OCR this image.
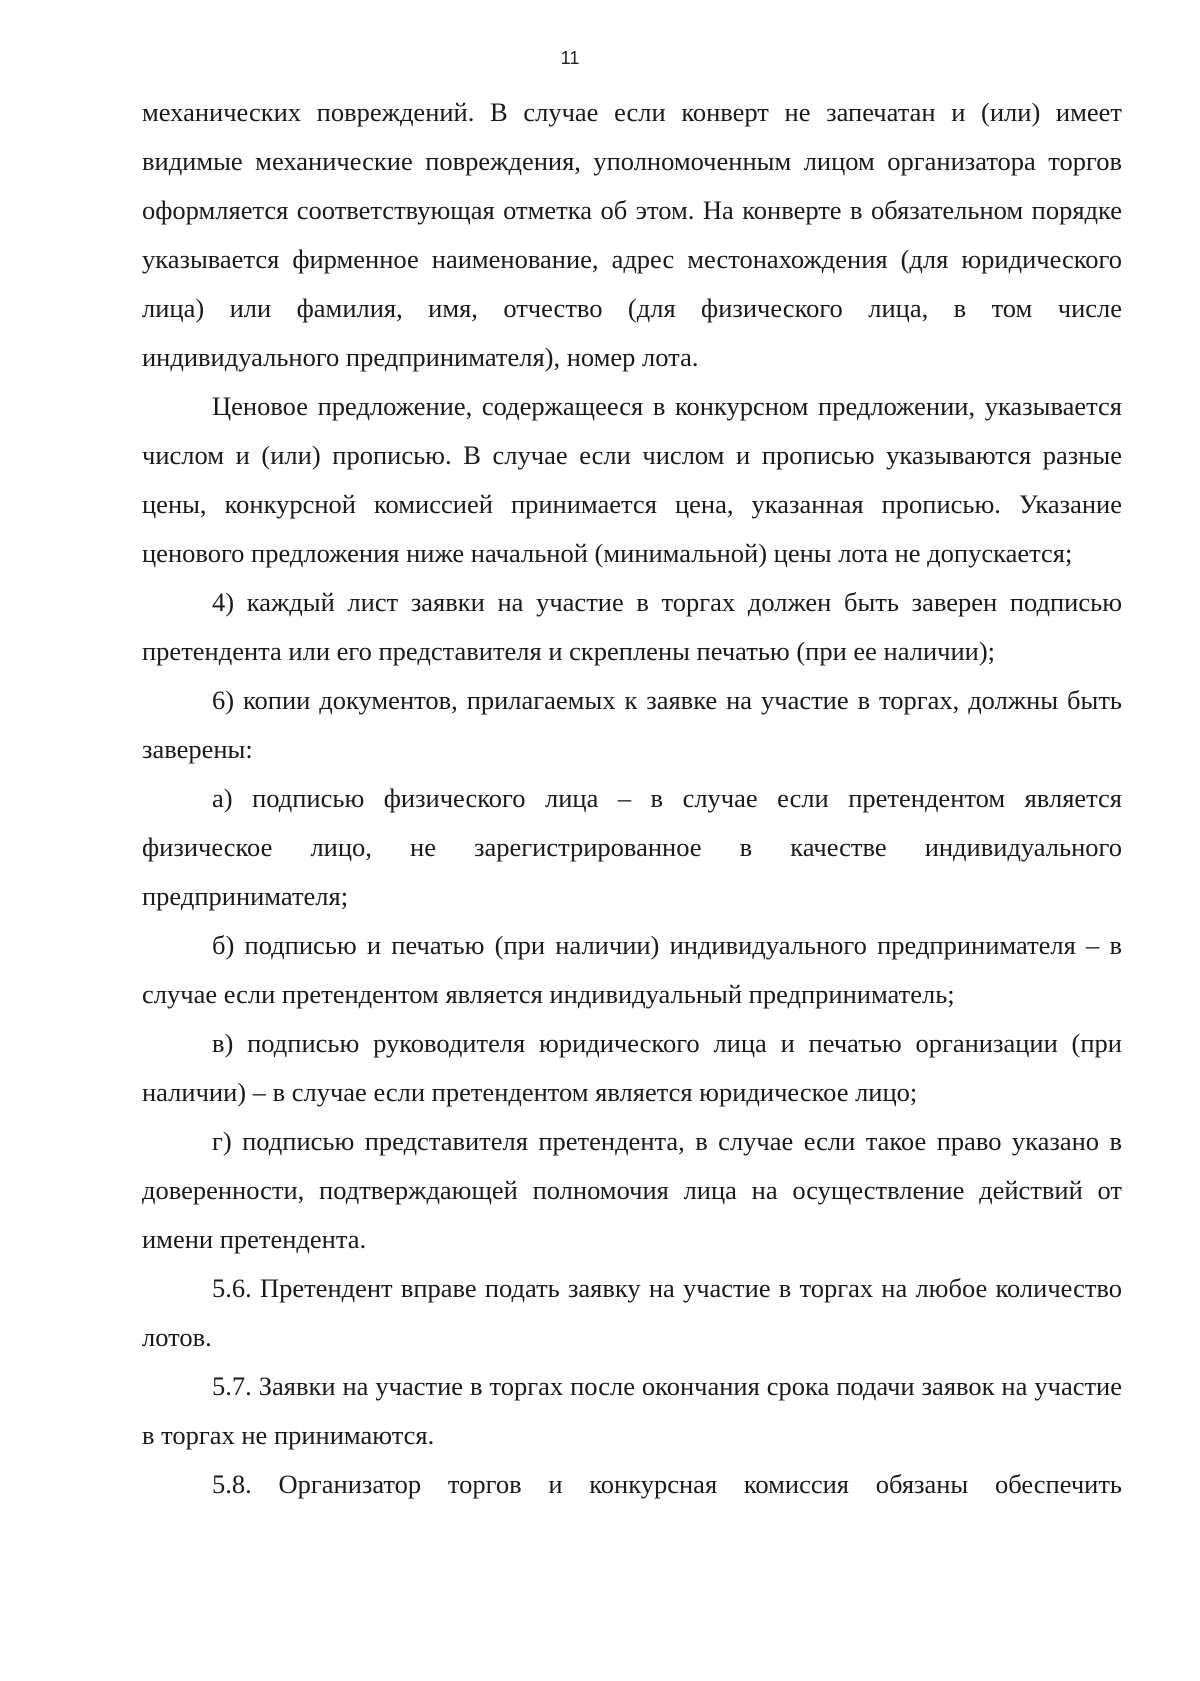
11

механических повреждений. В случае если конверт не запечатан и (или) имеет видимые механические повреждения, уполномоченным лицом организатора торгов оформляется соответствующая отметка об этом. На конверте в обязательном порядке указывается фирменное наименование, адрес местонахождения (для юридического лица) или фамилия, имя, отчество (для физического лица, в том числе индивидуального предпринимателя), номер лота.

Ценовое предложение, содержащееся в конкурсном предложении, указывается числом и (или) прописью. В случае если числом и прописью указываются разные цены, конкурсной комиссией принимается цена, указанная прописью. Указание ценового предложения ниже начальной (минимальной) цены лота не допускается;

4) каждый лист заявки на участие в торгах должен быть заверен подписью претендента или его представителя и скреплены печатью (при ее наличии);

6) копии документов, прилагаемых к заявке на участие в торгах, должны быть заверены:

а) подписью физического лица – в случае если претендентом является физическое лицо, не зарегистрированное в качестве индивидуального предпринимателя;

б) подписью и печатью (при наличии) индивидуального предпринимателя – в случае если претендентом является индивидуальный предприниматель;

в) подписью руководителя юридического лица и печатью организации (при наличии) – в случае если претендентом является юридическое лицо;

г) подписью представителя претендента, в случае если такое право указано в доверенности, подтверждающей полномочия лица на осуществление действий от имени претендента.

5.6. Претендент вправе подать заявку на участие в торгах на любое количество лотов.

5.7. Заявки на участие в торгах после окончания срока подачи заявок на участие в торгах не принимаются.

5.8. Организатор торгов и конкурсная комиссия обязаны обеспечить
